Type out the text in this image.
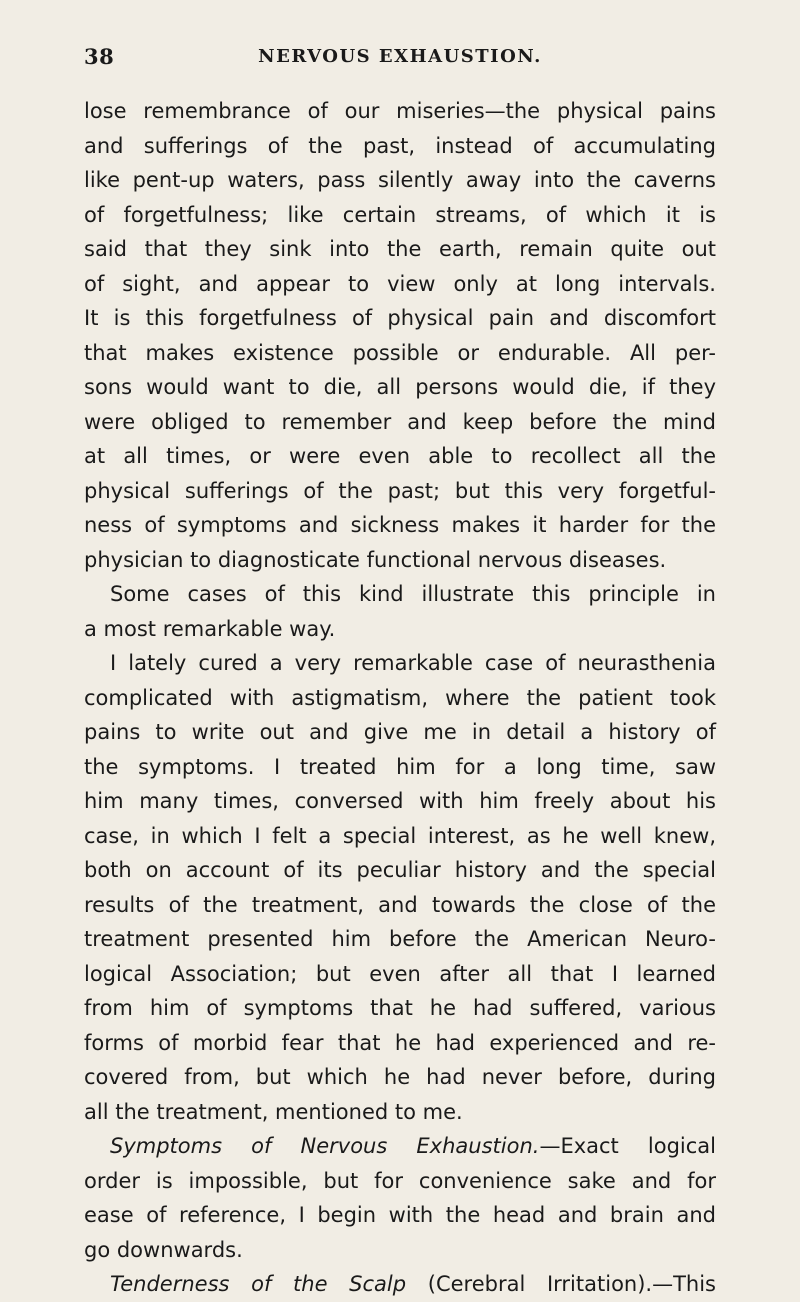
38	NERVOUS EXHAUSTION.
lose remembrance of our miseries—the physical pains
and sufferings of the past, instead of accumulating
like pent-up waters, pass silently away into the caverns
of forgetfulness; like certain streams, of which it is
said that they sink into the earth, remain quite out
of sight, and appear to view only at long intervals.
It is this forgetfulness of physical pain and discomfort
that makes existence possible or endurable. All per-
sons would want to die, all persons would die, if they
were obliged to remember and keep before the mind
at all times, or were even able to recollect all the
physical sufferings of the past; but this very forgetful-
ness of symptoms and sickness makes it harder for the
physician to diagnosticate functional nervous diseases.
Some cases of this kind illustrate this principle in
a most remarkable way.
I lately cured a very remarkable case of neurasthenia
complicated with astigmatism, where the patient took
pains to write out and give me in detail a history of
the symptoms. I treated him for a long time, saw
him many times, conversed with him freely about his
case, in which I felt a special interest, as he well knew,
both on account of its peculiar history and the special
results of the treatment, and towards the close of the
treatment presented him before the American Neuro-
logical Association; but even after all that I learned
from him of symptoms that he had suffered, various
forms of morbid fear that he had experienced and re-
covered from, but which he had never before, during
all the treatment, mentioned to me.
Symptoms of Nervous Exhaustion.—Exact logical
order is impossible, but for convenience sake and for
ease of reference, I begin with the head and brain and
go downwards.
Tenderness of the Scalp (Cerebral Irritation).—This
